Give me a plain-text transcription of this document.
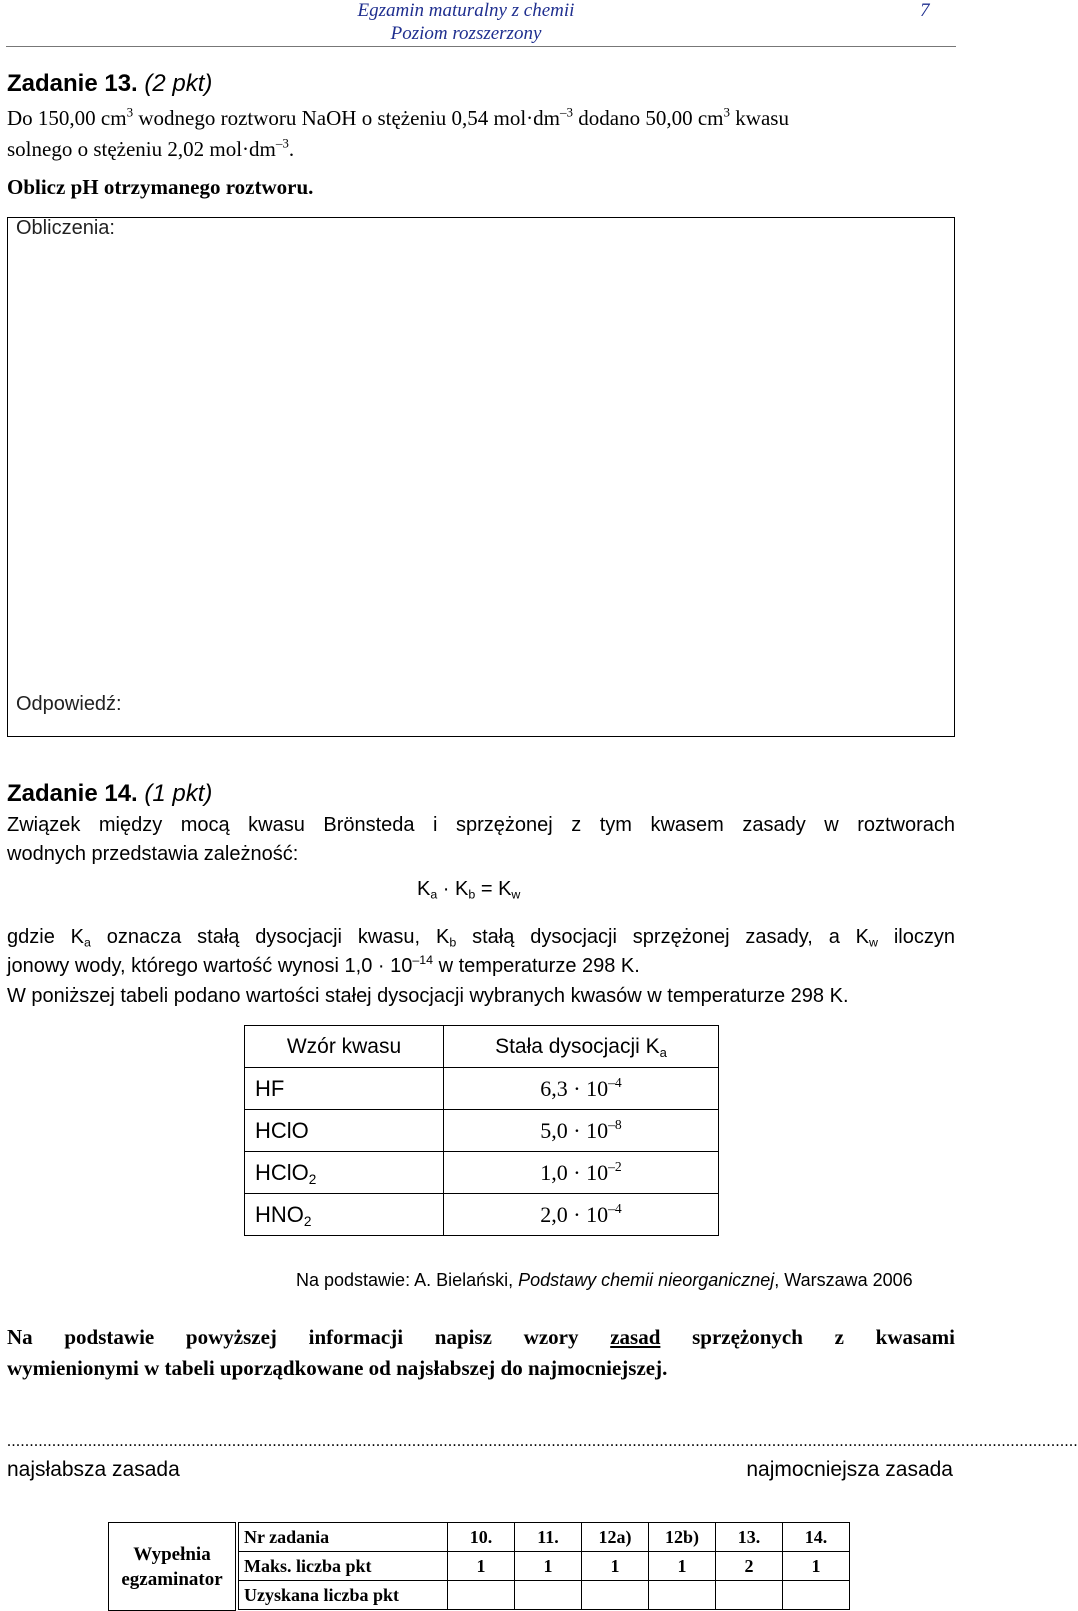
Egzamin maturalny z chemii
Poziom rozszerzony
7
Zadanie 13. (2 pkt)
Do 150,00 $cm^3$ wodnego roztworu NaOH o stężeniu 0,54 $mol\cdot dm^{-3}$ dodano 50,00 $cm^3$ kwasu
solnego o stężeniu 2,02 $mol\cdot dm^{-3}$.
Oblicz pH otrzymanego roztworu.
Obliczenia:
Odpowiedź:
Zadanie 14. (1 pkt)
Związek między mocą kwasu Brönsteda i sprzężonej z tym kwasem zasady w roztworach
wodnych przedstawia zależność:
$K_a \cdot K_b = K_w$
gdzie $K_a$ oznacza stałą dysocjacji kwasu, $K_b$ stałą dysocjacji sprzężonej zasady, a $K_w$ iloczyn
jonowy wody, którego wartość wynosi $1,0 \cdot 10^{-14}$ w temperaturze 298 K.
W poniższej tabeli podano wartości stałej dysocjacji wybranych kwasów w temperaturze 298 K.
Wzór kwasu	Stała dysocjacji $K_a$
HF	$6,3 \cdot 10^{-4}$
HClO	$5,0 \cdot 10^{-8}$
HClO$_2$	$1,0 \cdot 10^{-2}$
$HNO_2$	$2,0 \cdot 10^{-4}$
Na podstawie: A. Bielański, Podstawy chemii nieorganicznej, Warszawa 2006
Na podstawie powyższej informacji napisz wzory zasad sprzężonych z kwasami
wymienionymi w tabeli uporządkowane od najsłabszej do najmocniejszej.
..............................................................................................................................................................................................................................................
najsłabsza zasada	najmocniejsza zasada
Wypełnia
egzaminator
Nr zadania	10.	11.	12a)	12b)	13.	14.
Maks. liczba pkt	1	1	1	1	2	1
Uzyskana liczba pkt						
